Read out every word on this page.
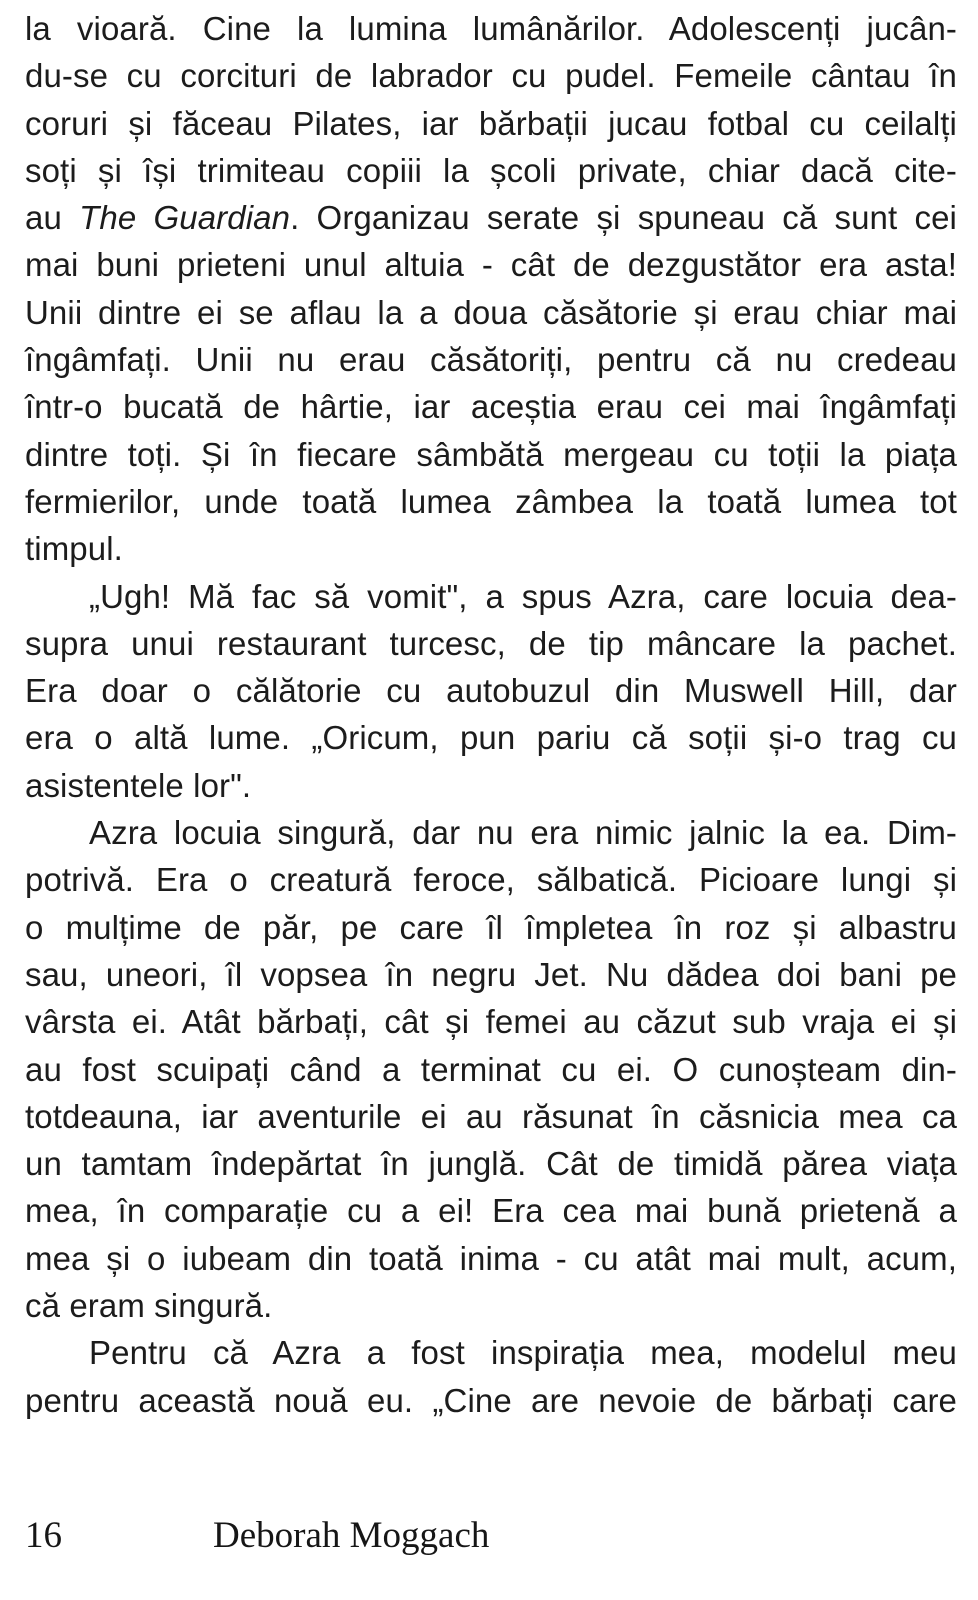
la vioară. Cine la lumina lumânărilor. Adolescenți jucân-
du-se cu corcituri de labrador cu pudel. Femeile cântau în
coruri și făceau Pilates, iar bărbații jucau fotbal cu ceilalți
soți și își trimiteau copiii la școli private, chiar dacă cite-
au The Guardian. Organizau serate și spuneau că sunt cei
mai buni prieteni unul altuia - cât de dezgustător era asta!
Unii dintre ei se aflau la a doua căsătorie și erau chiar mai
îngâmfați. Unii nu erau căsătoriți, pentru că nu credeau
într-o bucată de hârtie, iar aceștia erau cei mai îngâmfați
dintre toți. Și în fiecare sâmbătă mergeau cu toții la piața
fermierilor, unde toată lumea zâmbea la toată lumea tot
timpul.
„Ugh! Mă fac să vomit", a spus Azra, care locuia dea-
supra unui restaurant turcesc, de tip mâncare la pachet.
Era doar o călătorie cu autobuzul din Muswell Hill, dar
era o altă lume. „Oricum, pun pariu că soții și-o trag cu
asistentele lor".
Azra locuia singură, dar nu era nimic jalnic la ea. Dim-
potrivă. Era o creatură feroce, sălbatică. Picioare lungi și
o mulțime de păr, pe care îl împletea în roz și albastru
sau, uneori, îl vopsea în negru Jet. Nu dădea doi bani pe
vârsta ei. Atât bărbați, cât și femei au căzut sub vraja ei și
au fost scuipați când a terminat cu ei. O cunoșteam din-
totdeauna, iar aventurile ei au răsunat în căsnicia mea ca
un tamtam îndepărtat în junglă. Cât de timidă părea viața
mea, în comparație cu a ei! Era cea mai bună prietenă a
mea și o iubeam din toată inima - cu atât mai mult, acum,
că eram singură.
Pentru că Azra a fost inspirația mea, modelul meu
pentru această nouă eu. „Cine are nevoie de bărbați care
16	Deborah Moggach
